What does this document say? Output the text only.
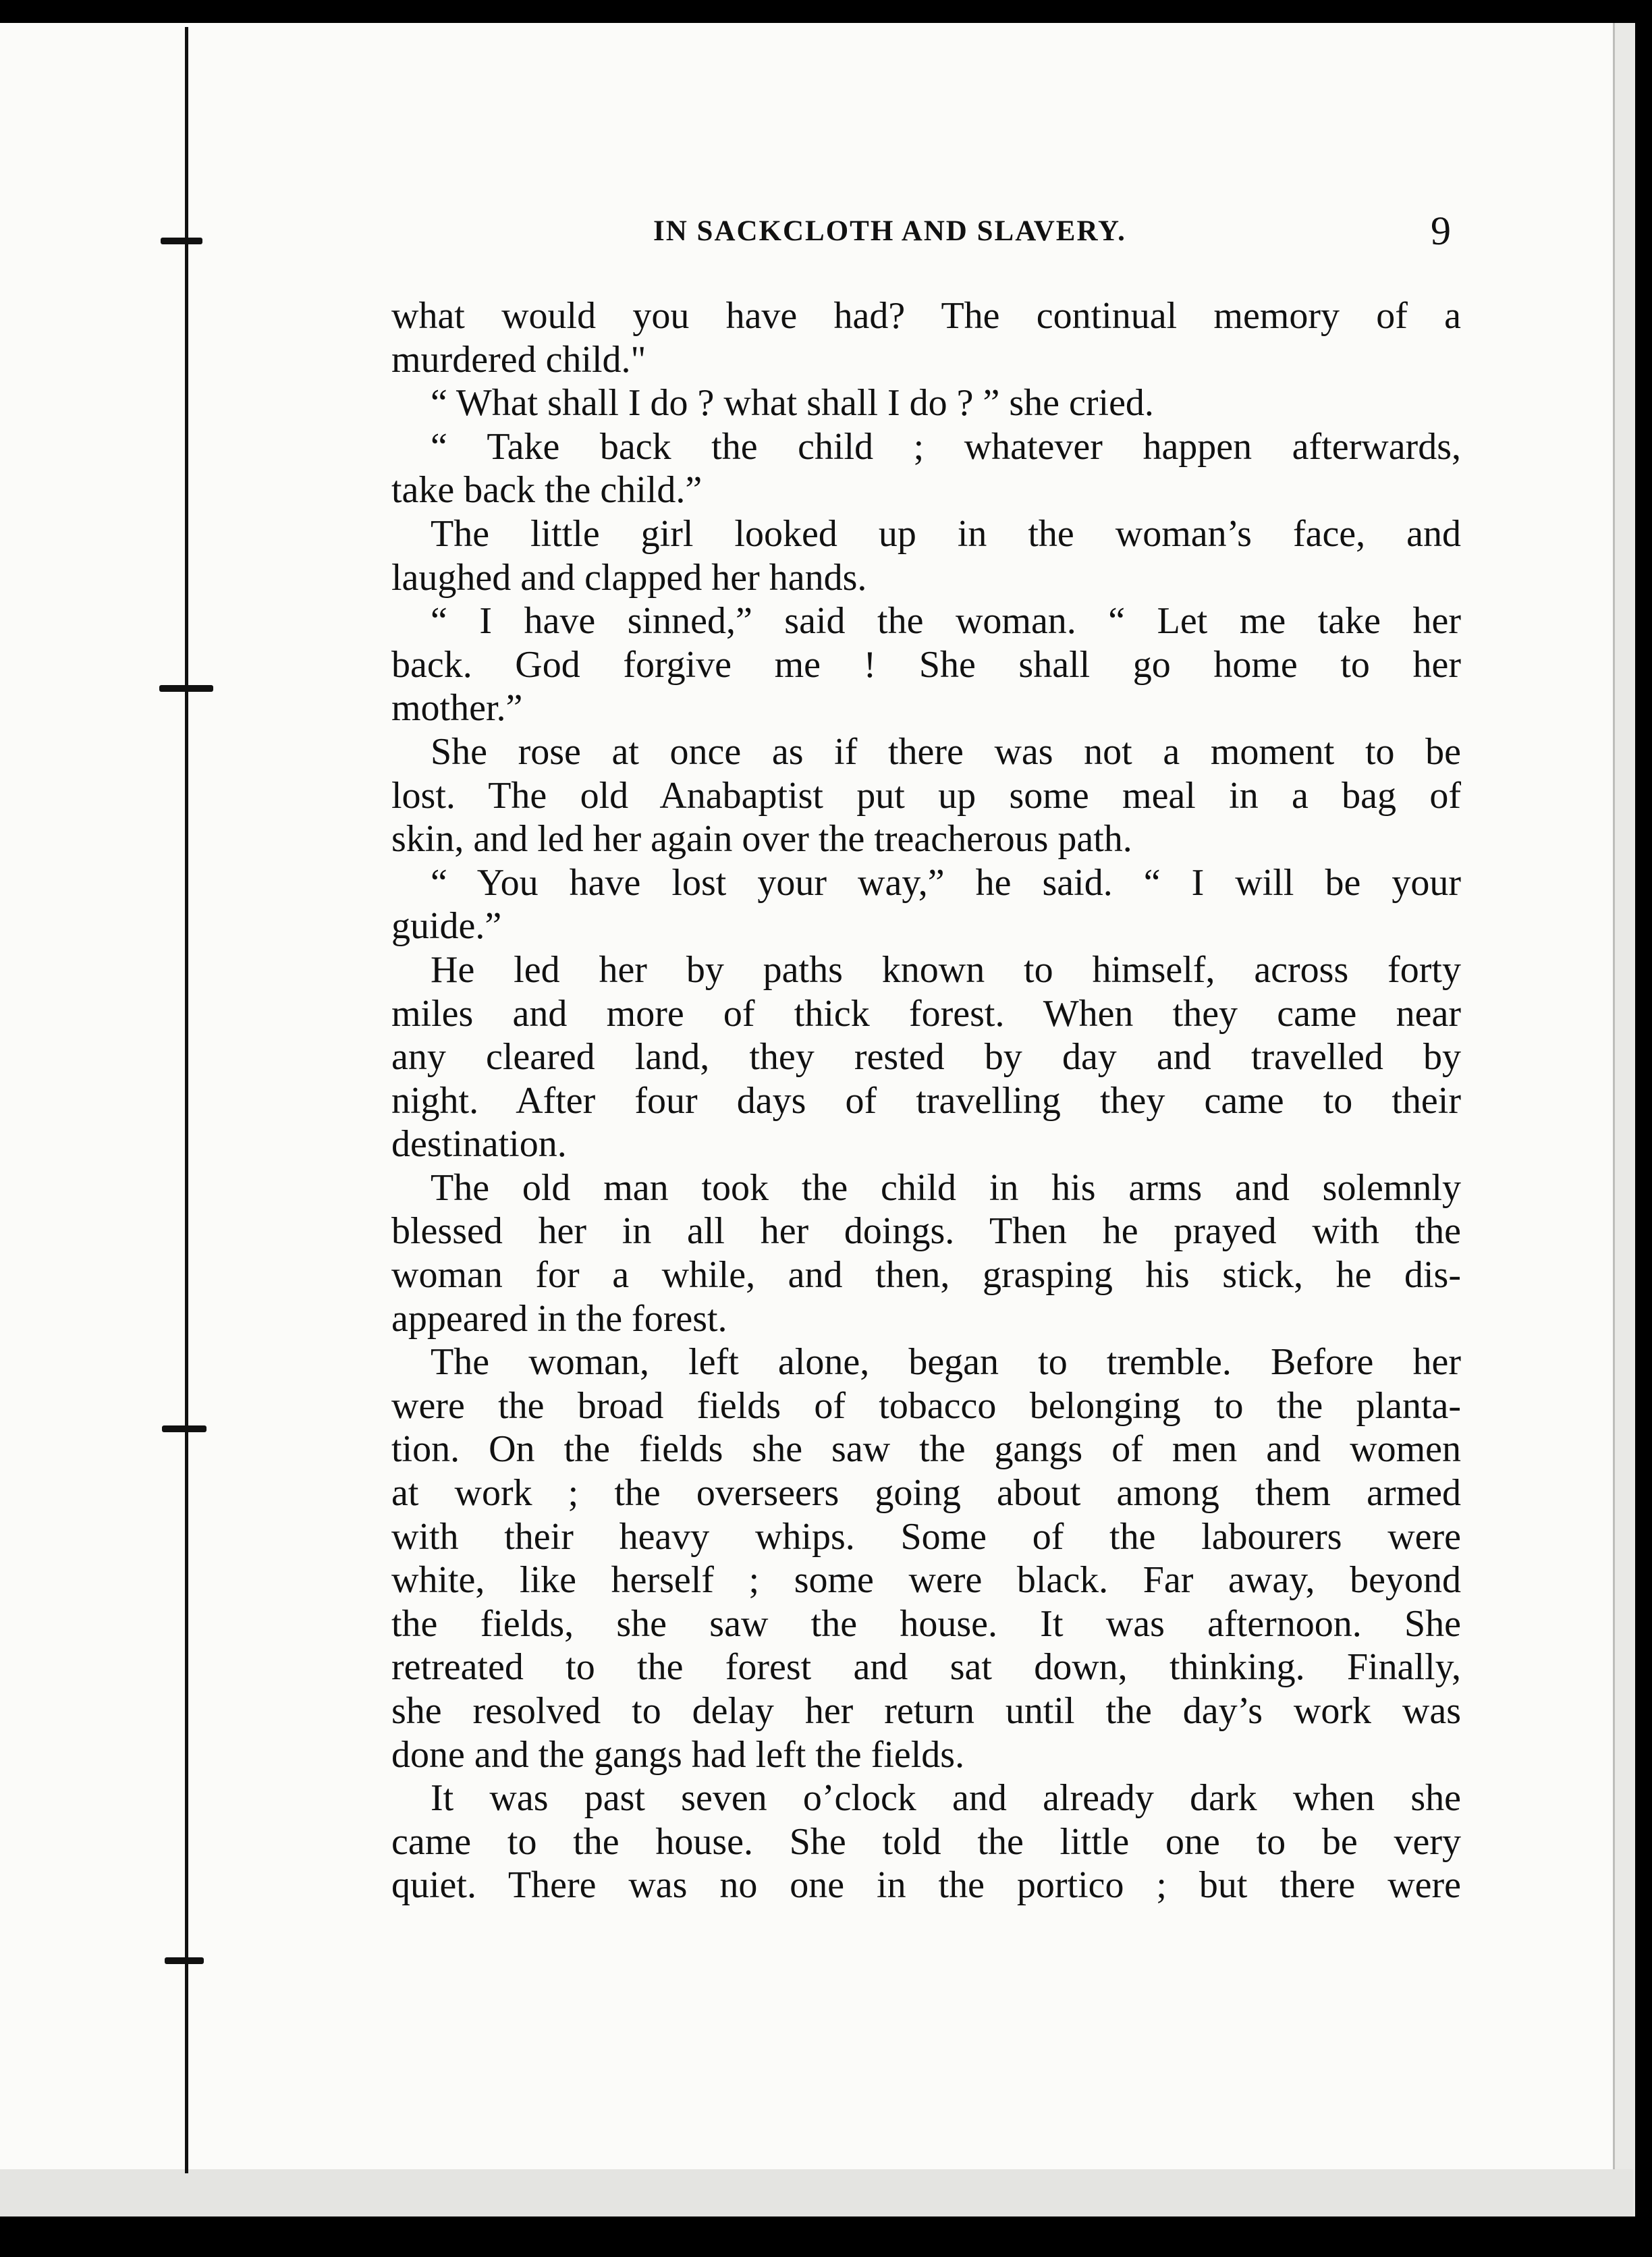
IN SACKCLOTH AND SLAVERY.	9
what would you have had? The continual memory of a
murdered child."
“ What shall I do ? what shall I do ? ” she cried.
“ Take back the child ; whatever happen afterwards,
take back the child.”
The little girl looked up in the woman’s face, and
laughed and clapped her hands.
“ I have sinned,” said the woman. “ Let me take her
back. God forgive me ! She shall go home to her
mother.”
She rose at once as if there was not a moment to be
lost. The old Anabaptist put up some meal in a bag of
skin, and led her again over the treacherous path.
“ You have lost your way,” he said. “ I will be your
guide.”
He led her by paths known to himself, across forty
miles and more of thick forest. When they came near
any cleared land, they rested by day and travelled by
night. After four days of travelling they came to their
destination.
The old man took the child in his arms and solemnly
blessed her in all her doings. Then he prayed with the
woman for a while, and then, grasping his stick, he dis-
appeared in the forest.
The woman, left alone, began to tremble. Before her
were the broad fields of tobacco belonging to the planta-
tion. On the fields she saw the gangs of men and women
at work ; the overseers going about among them armed
with their heavy whips. Some of the labourers were
white, like herself ; some were black. Far away, beyond
the fields, she saw the house. It was afternoon. She
retreated to the forest and sat down, thinking. Finally,
she resolved to delay her return until the day’s work was
done and the gangs had left the fields.
It was past seven o’clock and already dark when she
came to the house. She told the little one to be very
quiet. There was no one in the portico ; but there were
